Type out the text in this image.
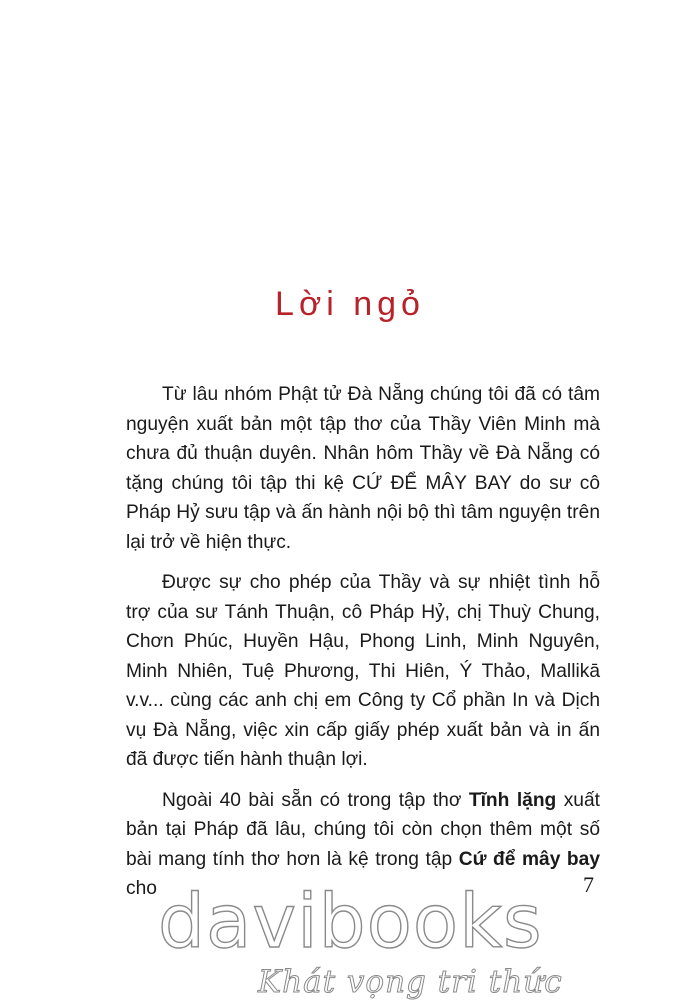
Lời ngỏ

Từ lâu nhóm Phật tử Đà Nẵng chúng tôi đã có tâm nguyện xuất bản một tập thơ của Thầy Viên Minh mà chưa đủ thuận duyên. Nhân hôm Thầy về Đà Nẵng có tặng chúng tôi tập thi kệ CỨ ĐỂ MÂY BAY do sư cô Pháp Hỷ sưu tập và ấn hành nội bộ thì tâm nguyện trên lại trở về hiện thực.

Được sự cho phép của Thầy và sự nhiệt tình hỗ trợ của sư Tánh Thuận, cô Pháp Hỷ, chị Thuỳ Chung, Chơn Phúc, Huyền Hậu, Phong Linh, Minh Nguyên, Minh Nhiên, Tuệ Phương, Thi Hiên, Ý Thảo, Mallikā v.v... cùng các anh chị em Công ty Cổ phần In và Dịch vụ Đà Nẵng, việc xin cấp giấy phép xuất bản và in ấn đã được tiến hành thuận lợi.

Ngoài 40 bài sẵn có trong tập thơ Tĩnh lặng xuất bản tại Pháp đã lâu, chúng tôi còn chọn thêm một số bài mang tính thơ hơn là kệ trong tập Cứ để mây bay cho	7
davibooks
Khát vọng tri thức
